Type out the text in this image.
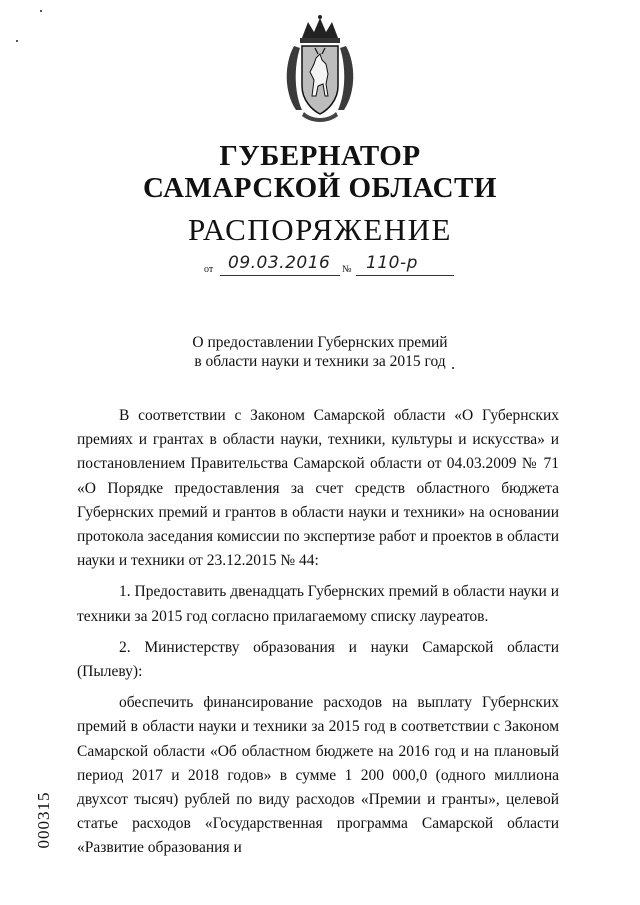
ГУБЕРНАТОР
САМАРСКОЙ ОБЛАСТИ
РАСПОРЯЖЕНИЕ
от 09.03.2016 № 110-р
О предоставлении Губернских премий
в области науки и техники за 2015 год

В соответствии с Законом Самарской области «О Губернских премиях и грантах в области науки, техники, культуры и искусства» и постановлением Правительства Самарской области от 04.03.2009 № 71 «О Порядке предоставления за счет средств областного бюджета Губернских премий и грантов в области науки и техники» на основании протокола заседания комиссии по экспертизе работ и проектов в области науки и техники от 23.12.2015 № 44:

1. Предоставить двенадцать Губернских премий в области науки и техники за 2015 год согласно прилагаемому списку лауреатов.

2. Министерству образования и науки Самарской области (Пылеву):

обеспечить финансирование расходов на выплату Губернских премий в области науки и техники за 2015 год в соответствии с Законом Самарской области «Об областном бюджете на 2016 год и на плановый период 2017 и 2018 годов» в сумме 1 200 000,0 (одного миллиона двухсот тысяч) рублей по виду расходов «Премии и гранты», целевой статье расходов «Государственная программа Самарской области «Развитие образования и

000315
